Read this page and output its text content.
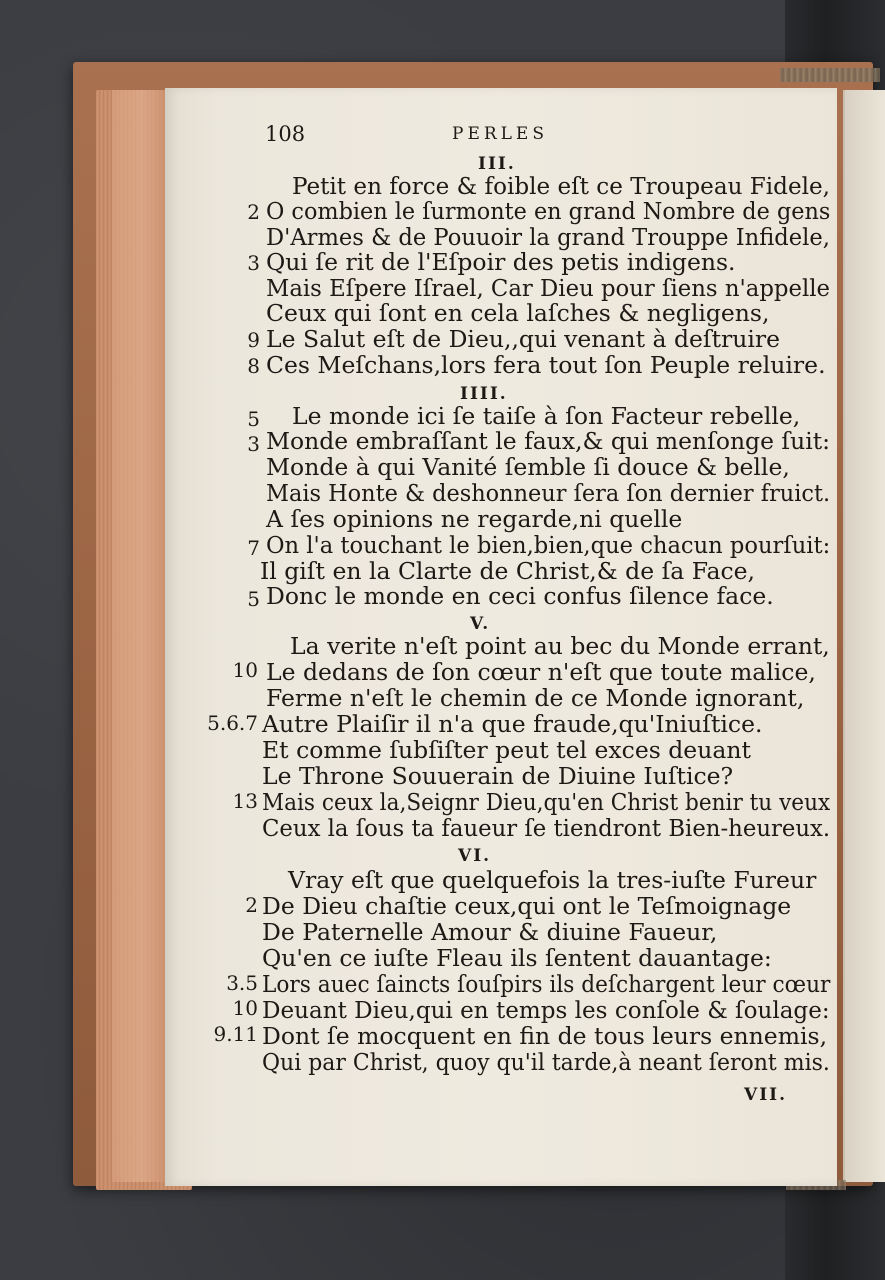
108	PERLES
III.
Petit en force & foible eſt ce Troupeau Fidele,
2 O combien le ſurmonte en grand Nombre de gens
D'Armes & de Pouuoir la grand Trouppe Infidele,
3 Qui ſe rit de l'Eſpoir des petis indigens.
Mais Eſpere Iſrael, Car Dieu pour ſiens n'appelle
Ceux qui ſont en cela laſches & negligens,
9 Le Salut eſt de Dieu,,qui venant à deſtruire
8 Ces Meſchans,lors fera tout ſon Peuple reluire.
IIII.
5 Le monde ici ſe taiſe à ſon Facteur rebelle,
3 Monde embraſſant le faux,& qui menſonge ſuit:
Monde à qui Vanité ſemble ſi douce & belle,
Mais Honte & deshonneur ſera ſon dernier fruict.
A ſes opinions ne regarde,ni quelle
7 On l'a touchant le bien,bien,que chacun pourſuit:
Il giſt en la Clarte de Christ,& de ſa Face,
5 Donc le monde en ceci confus ſilence face.
V.
La verite n'eſt point au bec du Monde errant,
10 Le dedans de ſon cœur n'eſt que toute malice,
Ferme n'eſt le chemin de ce Monde ignorant,
5.6.7 Autre Plaiſir il n'a que fraude,qu'Iniuſtice.
Et comme ſubſiſter peut tel exces deuant
Le Throne Souuerain de Diuine Iuſtice?
13 Mais ceux la,Seignr Dieu,qu'en Christ benir tu veux
Ceux la ſous ta faueur ſe tiendront Bien-heureux.
VI.
Vray eſt que quelquefois la tres-iuſte Fureur
2 De Dieu chaſtie ceux,qui ont le Teſmoignage
De Paternelle Amour & diuine Faueur,
Qu'en ce iuſte Fleau ils ſentent dauantage:
3.5 Lors auec ſaincts ſouſpirs ils deſchargent leur cœur
10 Deuant Dieu,qui en temps les conſole & ſoulage:
9.11 Dont ſe mocquent en fin de tous leurs ennemis,
Qui par Christ, quoy qu'il tarde,à neant ſeront mis.
VII.
